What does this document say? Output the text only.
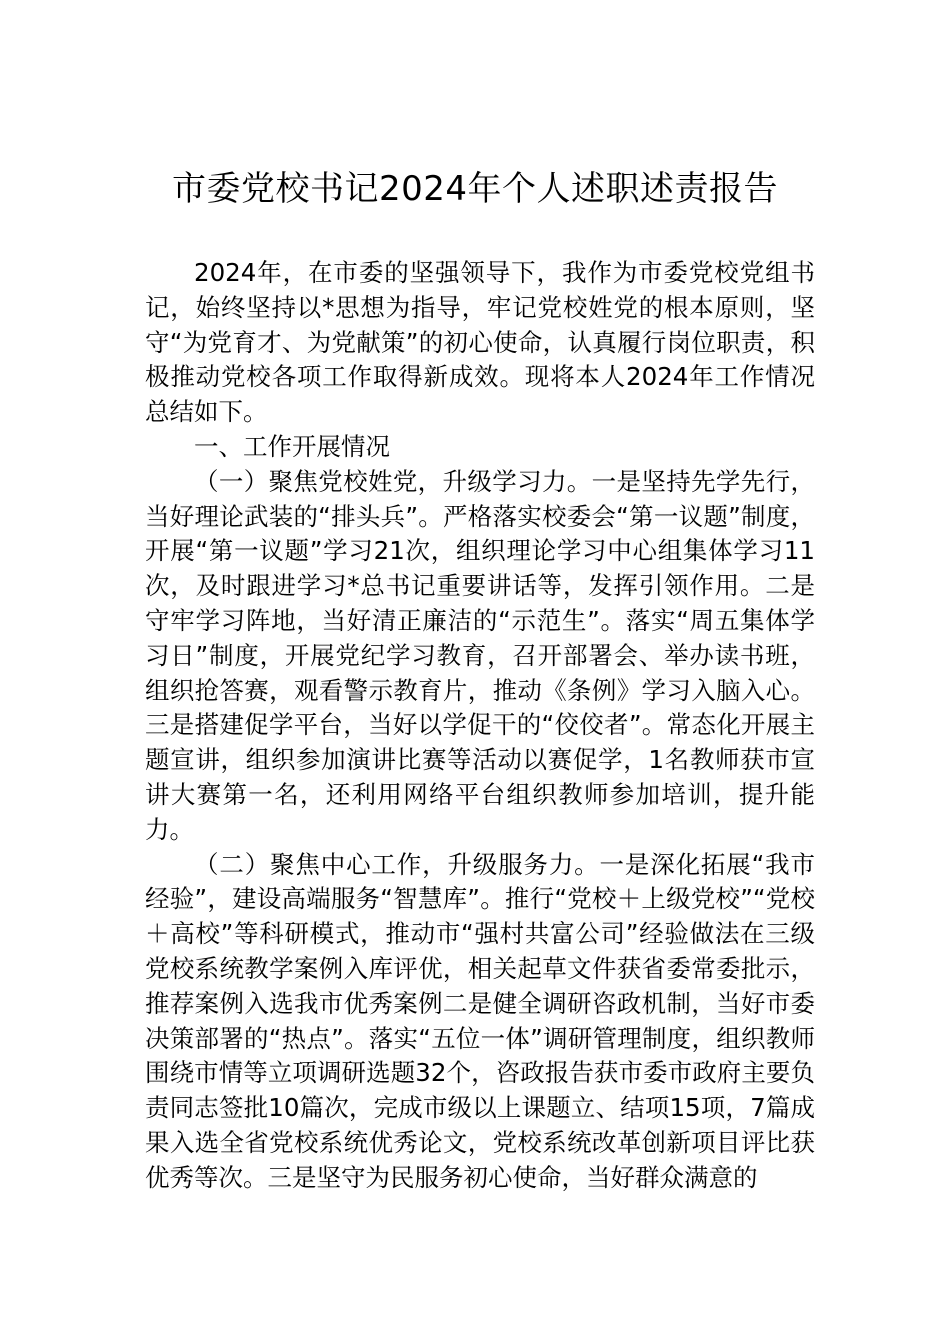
市委党校书记2024年个人述职述责报告

2024年，在市委的坚强领导下，我作为市委党校党组书记，始终坚持以*思想为指导，牢记党校姓党的根本原则，坚守“为党育才、为党献策”的初心使命，认真履行岗位职责，积极推动党校各项工作取得新成效。现将本人2024年工作情况总结如下。

一、工作开展情况

（一）聚焦党校姓党，升级学习力。一是坚持先学先行，当好理论武装的“排头兵”。严格落实校委会“第一议题”制度，开展“第一议题”学习21次，组织理论学习中心组集体学习11次，及时跟进学习*总书记重要讲话等，发挥引领作用。二是守牢学习阵地，当好清正廉洁的“示范生”。落实“周五集体学习日”制度，开展党纪学习教育，召开部署会、举办读书班，组织抢答赛，观看警示教育片，推动《条例》学习入脑入心。三是搭建促学平台，当好以学促干的“佼佼者”。常态化开展主题宣讲，组织参加演讲比赛等活动以赛促学，1名教师获市宣讲大赛第一名，还利用网络平台组织教师参加培训，提升能力。

（二）聚焦中心工作，升级服务力。一是深化拓展“我市经验”，建设高端服务“智慧库”。推行“党校＋上级党校”“党校＋高校”等科研模式，推动市“强村共富公司”经验做法在三级党校系统教学案例入库评优，相关起草文件获省委常委批示，推荐案例入选我市优秀案例二是健全调研咨政机制，当好市委决策部署的“热点”。落实“五位一体”调研管理制度，组织教师围绕市情等立项调研选题32个，咨政报告获市委市政府主要负责同志签批10篇次，完成市级以上课题立、结项15项，7篇成果入选全省党校系统优秀论文，党校系统改革创新项目评比获优秀等次。三是坚守为民服务初心使命，当好群众满意的
